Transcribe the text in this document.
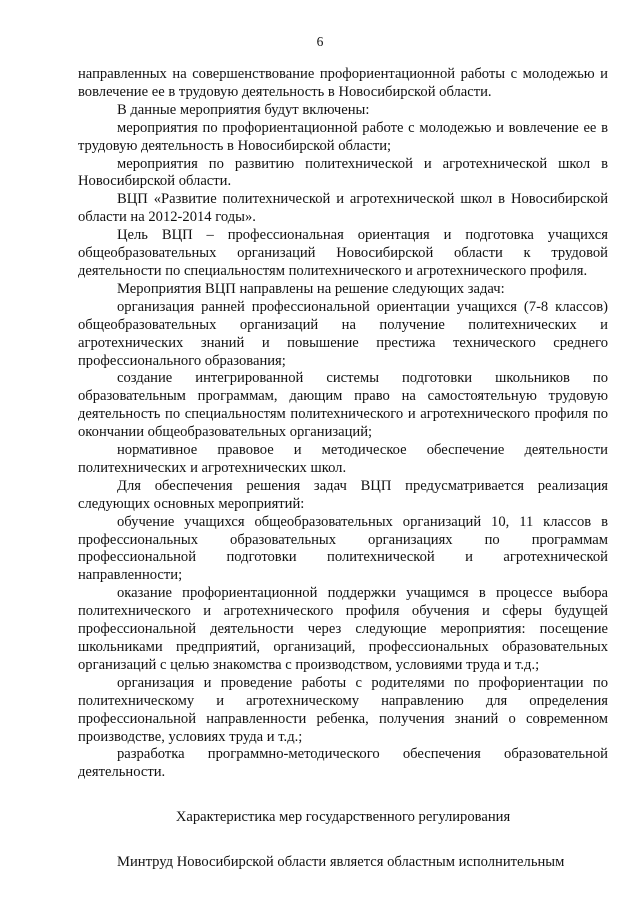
6

направленных на совершенствование профориентационной работы с молодежью и вовлечение ее в трудовую деятельность в Новосибирской области.

В данные мероприятия будут включены:

мероприятия по профориентационной работе с молодежью и вовлечение ее в трудовую деятельность в Новосибирской области;

мероприятия по развитию политехнической и агротехнической школ в Новосибирской области.

ВЦП «Развитие политехнической и агротехнической школ в Новосибирской области на 2012-2014 годы».

Цель ВЦП – профессиональная ориентация и подготовка учащихся общеобразовательных организаций Новосибирской области к трудовой деятельности по специальностям политехнического и агротехнического профиля.

Мероприятия ВЦП направлены на решение следующих задач:

организация ранней профессиональной ориентации учащихся (7-8 классов) общеобразовательных организаций на получение политехнических и агротехнических знаний и повышение престижа технического среднего профессионального образования;

создание интегрированной системы подготовки школьников по образовательным программам, дающим право на самостоятельную трудовую деятельность по специальностям политехнического и агротехнического профиля по окончании общеобразовательных организаций;

нормативное правовое и методическое обеспечение деятельности политехнических и агротехнических школ.

Для обеспечения решения задач ВЦП предусматривается реализация следующих основных мероприятий:

обучение учащихся общеобразовательных организаций 10, 11 классов в профессиональных образовательных организациях по программам профессиональной подготовки политехнической и агротехнической направленности;

оказание профориентационной поддержки учащимся в процессе выбора политехнического и агротехнического профиля обучения и сферы будущей профессиональной деятельности через следующие мероприятия: посещение школьниками предприятий, организаций, профессиональных образовательных организаций с целью знакомства с производством, условиями труда и т.д.;

организация и проведение работы с родителями по профориентации по политехническому и агротехническому направлению для определения профессиональной направленности ребенка, получения знаний о современном производстве, условиях труда и т.д.;

разработка программно-методического обеспечения образовательной деятельности.

Характеристика мер государственного регулирования

Минтруд Новосибирской области является областным исполнительным
